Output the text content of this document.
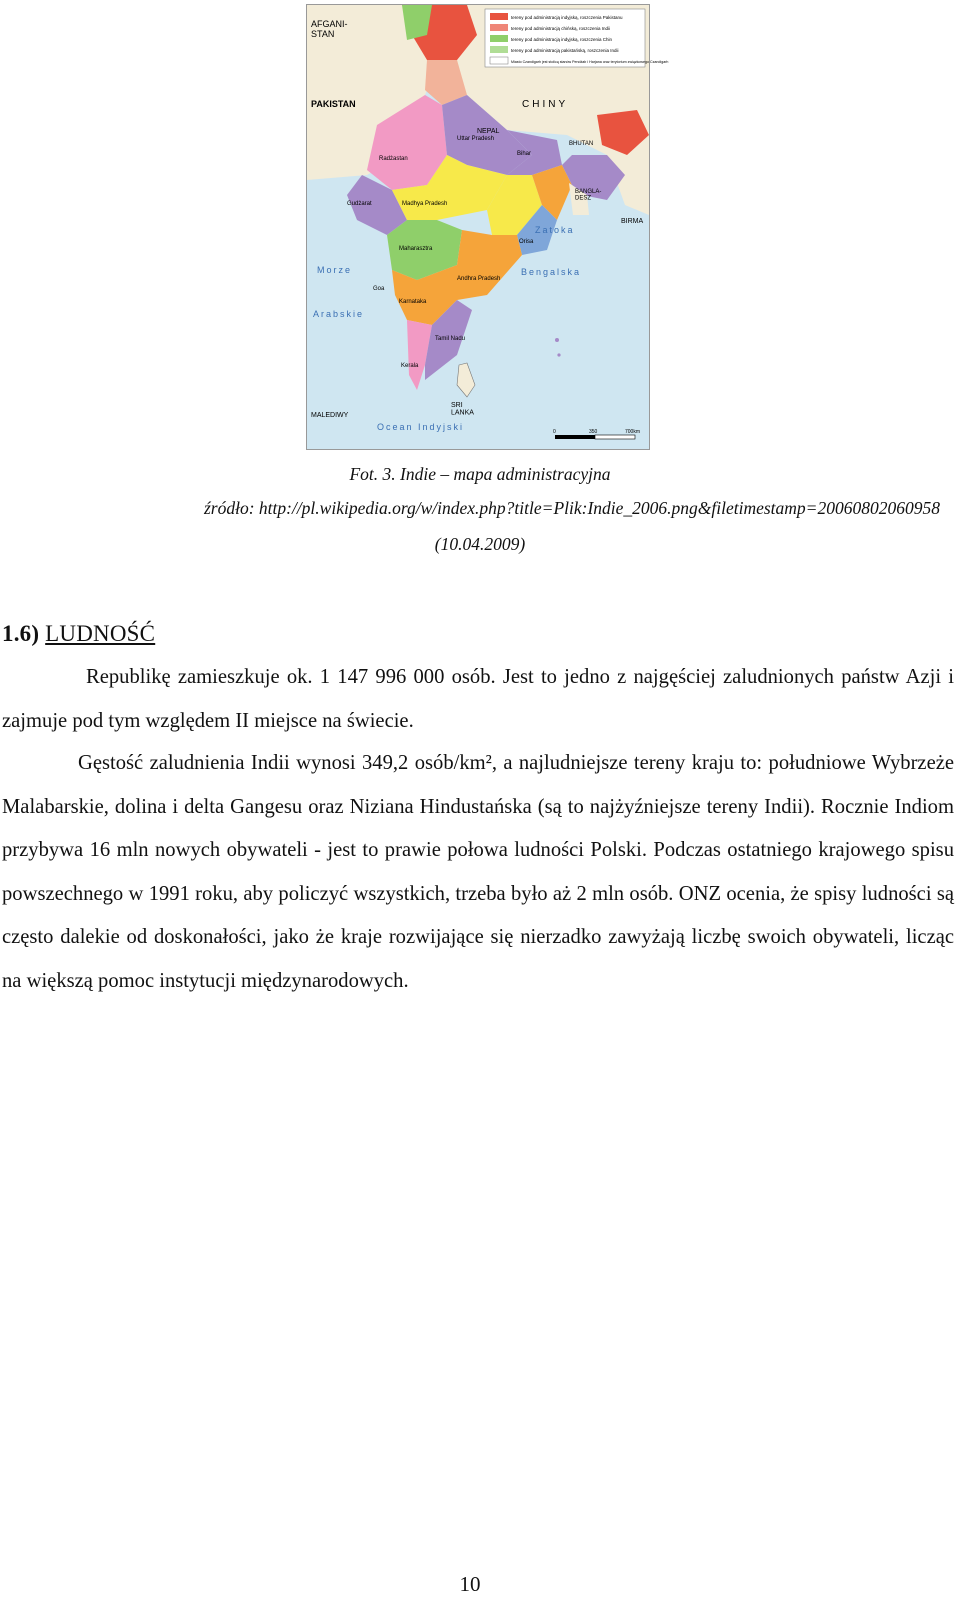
tereny pod administracją indyjską, roszczenia Pakistanu
tereny pod administracją chińską, roszczenia Indii
tereny pod administracją indyjską, roszczenia Chin
tereny pod administracją pakistańską, roszczenia Indii
Miasto Czandigarh jest stolicą stanów Pendżab i Harjana oraz terytorium związkowego Czandigarh
AFGANI-STAN
PAKISTAN	CHINY
NEPAL
BHUTAN
BANGLA-DESZ
BIRMA
SRI LANKA
MALEDIWY
Morze
Arabskie
Zatoka
Bengalska
Ocean Indyjski
Madhya Pradesh
Maharasztra
Radżastan
Uttar Pradesh
Bihar
Gudżarat
Andhra Pradesh
Karnataka
Tamil Nadu
Kerala
Orisa
Goa
0	350	700km
Fot. 3. Indie – mapa administracyjna
źródło: http://pl.wikipedia.org/w/index.php?title=Plik:Indie_2006.png&filetimestamp=20060802060958
(10.04.2009)
1.6) LUDNOŚĆ
Republikę zamieszkuje ok. 1 147 996 000 osób. Jest to jedno z najgęściej zaludnionych państw Azji i zajmuje pod tym względem II miejsce na świecie.
Gęstość zaludnienia Indii wynosi 349,2 osób/km², a najludniejsze tereny kraju to: południowe Wybrzeże Malabarskie, dolina i delta Gangesu oraz Niziana Hindustańska (są to najżyźniejsze tereny Indii). Rocznie Indiom przybywa 16 mln nowych obywateli - jest to prawie połowa ludności Polski. Podczas ostatniego krajowego spisu powszechnego w 1991 roku, aby policzyć wszystkich, trzeba było aż 2 mln osób. ONZ ocenia, że spisy ludności są często dalekie od doskonałości, jako że kraje rozwijające się nierzadko zawyżają liczbę swoich obywateli, licząc na większą pomoc instytucji międzynarodowych.
10
